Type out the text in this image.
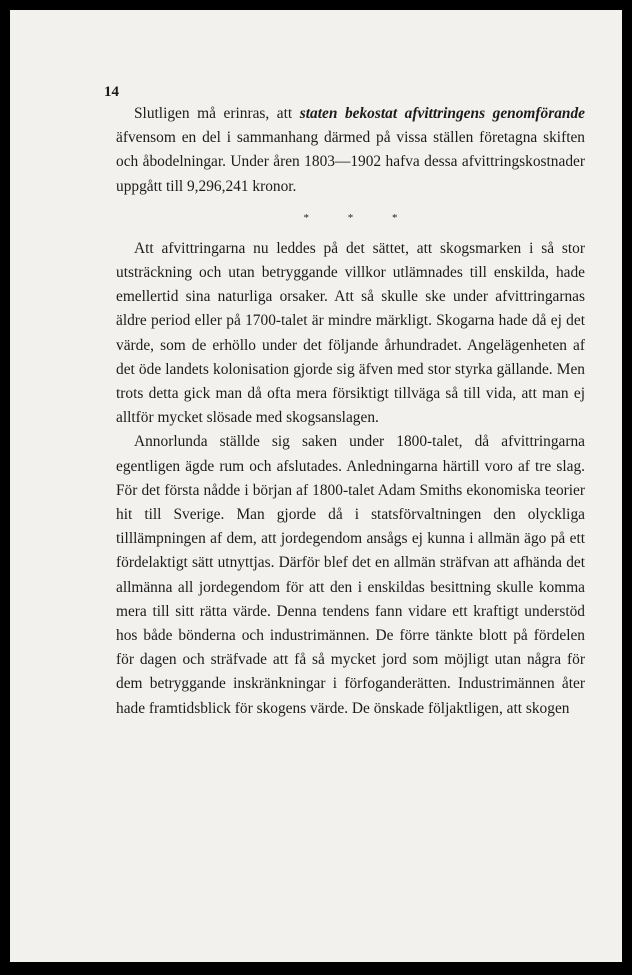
14

Slutligen må erinras, att staten bekostat afvittringens genomförande äfvensom en del i sammanhang därmed på vissa ställen företagna skiften och åbodelningar. Under åren 1803—1902 hafva dessa afvittringskostnader uppgått till 9,296,241 kronor.

* * *

Att afvittringarna nu leddes på det sättet, att skogsmarken i så stor utsträckning och utan betryggande villkor utlämnades till enskilda, hade emellertid sina naturliga orsaker. Att så skulle ske under afvittringarnas äldre period eller på 1700-talet är mindre märkligt. Skogarna hade då ej det värde, som de erhöllo under det följande århundradet. Angelägenheten af det öde landets kolonisation gjorde sig äfven med stor styrka gällande. Men trots detta gick man då ofta mera försiktigt tillväga så till vida, att man ej alltför mycket slösade med skogsanslagen.

Annorlunda ställde sig saken under 1800-talet, då afvittringarna egentligen ägde rum och afslutades. Anledningarna härtill voro af tre slag. För det första nådde i början af 1800-talet Adam Smiths ekonomiska teorier hit till Sverige. Man gjorde då i statsförvaltningen den olyckliga tilllämpningen af dem, att jordegendom ansågs ej kunna i allmän ägo på ett fördelaktigt sätt utnyttjas. Därför blef det en allmän sträfvan att afhända det allmänna all jordegendom för att den i enskildas besittning skulle komma mera till sitt rätta värde. Denna tendens fann vidare ett kraftigt understöd hos både bönderna och industrimännen. De förre tänkte blott på fördelen för dagen och sträfvade att få så mycket jord som möjligt utan några för dem betryggande inskränkningar i förfoganderätten. Industrimännen åter hade framtidsblick för skogens värde. De önskade följaktligen, att skogen
